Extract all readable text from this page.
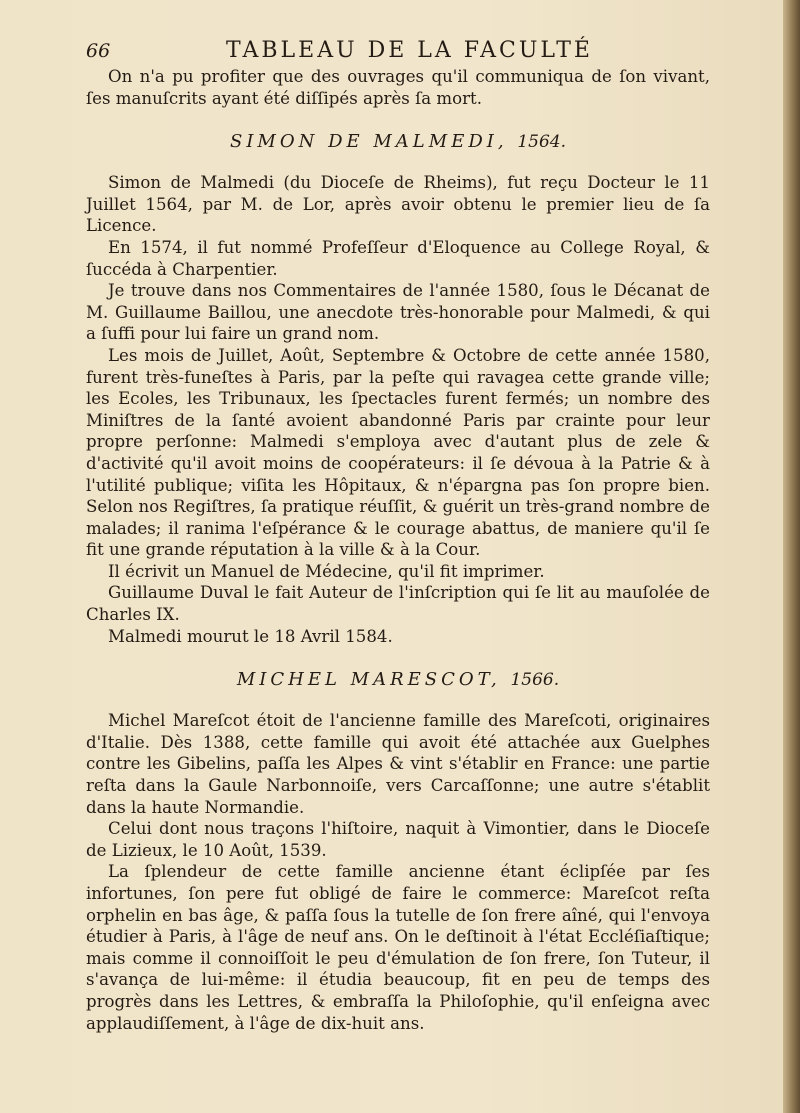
66	TABLEAU DE LA FACULTÉ

On n'a pu profiter que des ouvrages qu'il communiqua de ſon vivant, ſes manuſcrits ayant été diſſipés après ſa mort.

SIMON DE MALMEDI, 1564.

Simon de Malmedi (du Dioceſe de Rheims), fut reçu Docteur le 11 Juillet 1564, par M. de Lor, après avoir obtenu le premier lieu de ſa Licence.

En 1574, il fut nommé Profeſſeur d'Eloquence au College Royal, & ſuccéda à Charpentier.

Je trouve dans nos Commentaires de l'année 1580, ſous le Décanat de M. Guillaume Baillou, une anecdote très-honorable pour Malmedi, & qui a ſuffi pour lui faire un grand nom.

Les mois de Juillet, Août, Septembre & Octobre de cette année 1580, furent très-funeſtes à Paris, par la peſte qui ravagea cette grande ville; les Ecoles, les Tribunaux, les ſpectacles furent fermés; un nombre des Miniſtres de la ſanté avoient abandonné Paris par crainte pour leur propre perſonne: Malmedi s'employa avec d'autant plus de zele & d'activité qu'il avoit moins de coopérateurs: il ſe dévoua à la Patrie & à l'utilité publique; viſita les Hôpitaux, & n'épargna pas ſon propre bien. Selon nos Regiſtres, ſa pratique réuſſit, & guérit un très-grand nombre de malades; il ranima l'eſpérance & le courage abattus, de maniere qu'il ſe fit une grande réputation à la ville & à la Cour.

Il écrivit un Manuel de Médecine, qu'il fit imprimer.

Guillaume Duval le fait Auteur de l'inſcription qui ſe lit au mauſolée de Charles IX.

Malmedi mourut le 18 Avril 1584.

MICHEL MARESCOT, 1566.

Michel Mareſcot étoit de l'ancienne famille des Mareſcoti, originaires d'Italie. Dès 1388, cette famille qui avoit été attachée aux Guelphes contre les Gibelins, paſſa les Alpes & vint s'établir en France: une partie reſta dans la Gaule Narbonnoiſe, vers Carcaſſonne; une autre s'établit dans la haute Normandie.

Celui dont nous traçons l'hiſtoire, naquit à Vimontier, dans le Dioceſe de Lizieux, le 10 Août, 1539.

La ſplendeur de cette famille ancienne étant éclipſée par ſes infortunes, ſon pere fut obligé de faire le commerce: Mareſcot reſta orphelin en bas âge, & paſſa ſous la tutelle de ſon frere aîné, qui l'envoya étudier à Paris, à l'âge de neuf ans. On le deſtinoit à l'état Eccléſiaſtique; mais comme il connoiſſoit le peu d'émulation de ſon frere, ſon Tuteur, il s'avança de lui-même: il étudia beaucoup, fit en peu de temps des progrès dans les Lettres, & embraſſa la Philoſophie, qu'il enſeigna avec applaudiſſement, à l'âge de dix-huit ans.
